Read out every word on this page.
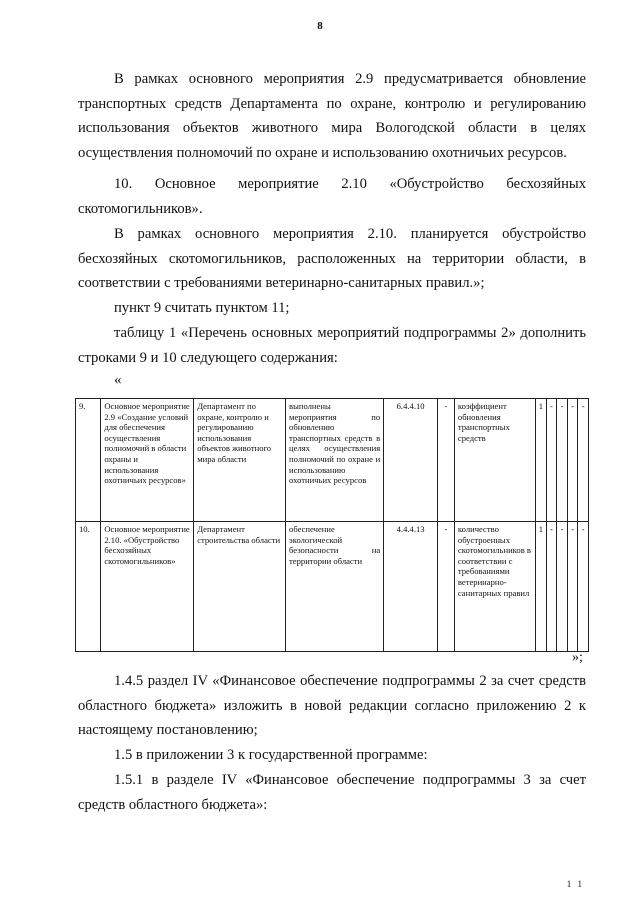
8
В рамках основного мероприятия 2.9 предусматривается обновление транспортных средств Департамента по охране, контролю и регулированию использования объектов животного мира Вологодской области в целях осуществления полномочий по охране и использованию охотничьих ресурсов.
10. Основное мероприятие 2.10 «Обустройство бесхозяйных скотомогильников».
В рамках основного мероприятия 2.10. планируется обустройство бесхозяйных скотомогильников, расположенных на территории области, в соответствии с требованиями ветеринарно-санитарных правил.»;
пункт 9 считать пунктом 11;
таблицу 1 «Перечень основных мероприятий подпрограммы 2» дополнить строками 9 и 10 следующего содержания:
«
9.	Основное мероприятие 2.9 «Создание условий для обеспечения осуществления полномочий в области охраны и использования охотничьих ресурсов»	Департамент по охране, контролю и регулированию использования объектов животного мира области	выполнены мероприятия по обновлению транспортных средств в целях осуществления полномочий по охране и использованию охотничьих ресурсов	6.4.4.10	-	коэффициент обновления транспортных средств	1	-	-	-	-
10.	Основное мероприятие 2.10. «Обустройство бесхозяйных скотомогильников»	Департамент строительства области	обеспечение экологической безопасности на территории области	4.4.4.13	-	количество обустроенных скотомогильников в соответствии с требованиями ветеринарно-санитарных правил	1	-	-	-	-
»;
1.4.5 раздел IV «Финансовое обеспечение подпрограммы 2 за счет средств областного бюджета» изложить в новой редакции согласно приложению 2 к настоящему постановлению;
1.5 в приложении 3 к государственной программе:
1.5.1 в разделе IV «Финансовое обеспечение подпрограммы 3 за счет средств областного бюджета»:
1 1
